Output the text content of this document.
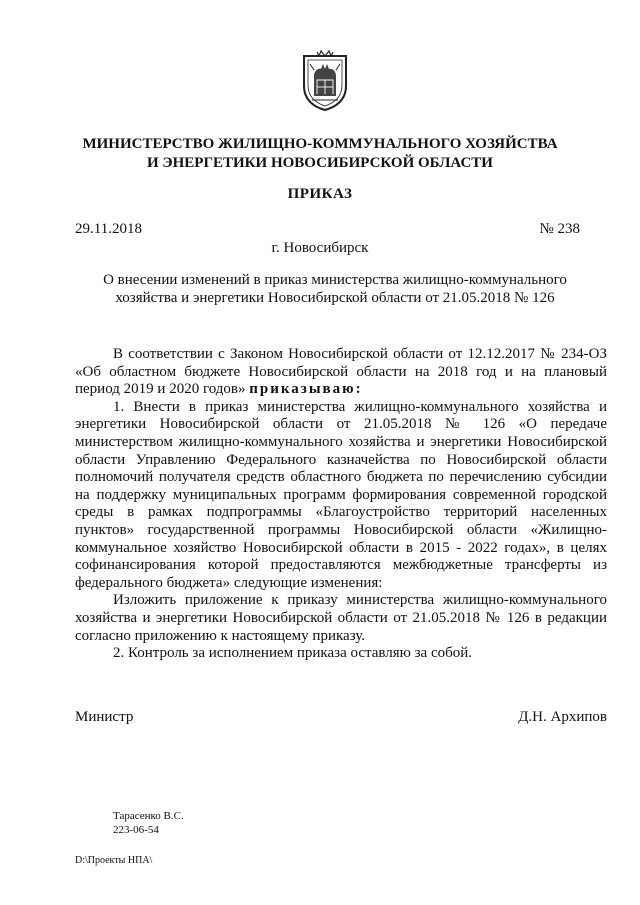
МИНИСТЕРСТВО ЖИЛИЩНО-КОММУНАЛЬНОГО ХОЗЯЙСТВА
И ЭНЕРГЕТИКИ НОВОСИБИРСКОЙ ОБЛАСТИ
ПРИКАЗ
29.11.2018	№ 238
г. Новосибирск
О внесении изменений в приказ министерства жилищно-коммунального
хозяйства и энергетики Новосибирской области от 21.05.2018 № 126

В соответствии с Законом Новосибирской области от 12.12.2017 № 234-ОЗ «Об областном бюджете Новосибирской области на 2018 год и на плановый период 2019 и 2020 годов» приказываю:

1. Внести в приказ министерства жилищно-коммунального хозяйства и энергетики Новосибирской области от 21.05.2018 № 126 «О передаче министерством жилищно-коммунального хозяйства и энергетики Новосибирской области Управлению Федерального казначейства по Новосибирской области полномочий получателя средств областного бюджета по перечислению субсидии на поддержку муниципальных программ формирования современной городской среды в рамках подпрограммы «Благоустройство территорий населенных пунктов» государственной программы Новосибирской области «Жилищно-коммунальное хозяйство Новосибирской области в 2015 - 2022 годах», в целях софинансирования которой предоставляются межбюджетные трансферты из федерального бюджета» следующие изменения:

Изложить приложение к приказу министерства жилищно-коммунального хозяйства и энергетики Новосибирской области от 21.05.2018 № 126 в редакции согласно приложению к настоящему приказу.

2. Контроль за исполнением приказа оставляю за собой.

Министр	Д.Н. Архипов
Тарасенко В.С.
223-06-54
D:\Проекты НПА\
